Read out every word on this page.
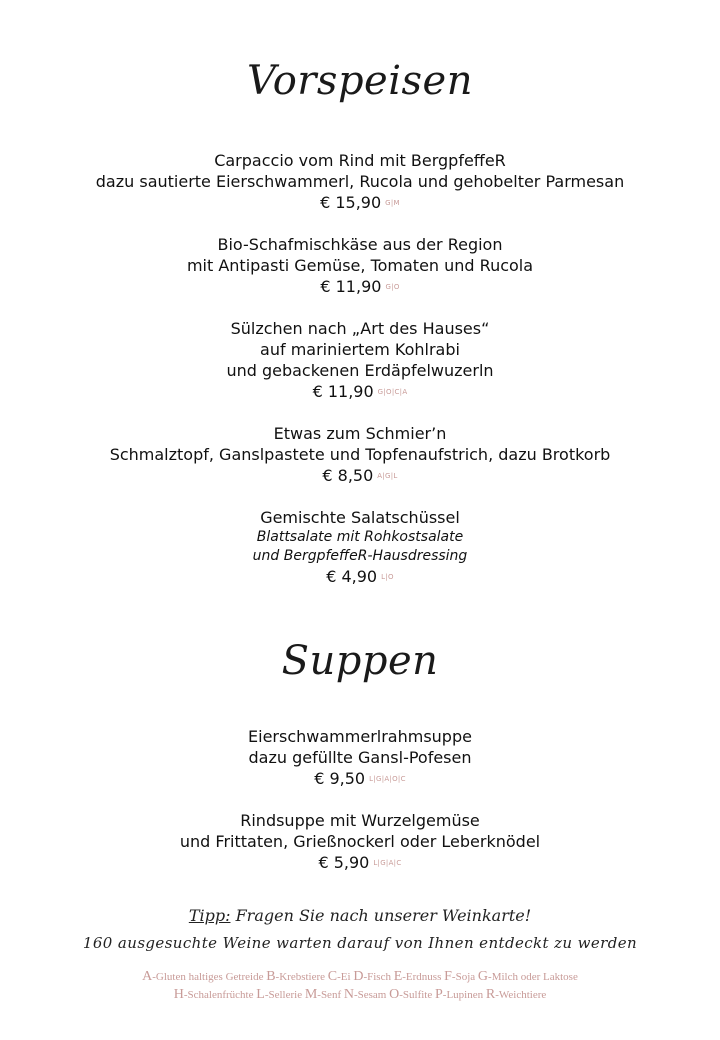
Vorspeisen
Carpaccio vom Rind mit BergpfeffeR
dazu sautierte Eierschwammerl, Rucola und gehobelter Parmesan
€ 15,90 G|M
Bio-Schafmischkäse aus der Region
mit Antipasti Gemüse, Tomaten und Rucola
€ 11,90 G|O
Sülzchen nach „Art des Hauses“
auf mariniertem Kohlrabi
und gebackenen Erdäpfelwuzerln
€ 11,90 G|O|C|A
Etwas zum Schmier’n
Schmalztopf, Ganslpastete und Topfenaufstrich, dazu Brotkorb
€ 8,50 A|G|L
Gemischte Salatschüssel
Blattsalate mit Rohkostsalate
und BergpfeffeR-Hausdressing
€ 4,90 L|O
Suppen
Eierschwammerlrahmsuppe
dazu gefüllte Gansl-Pofesen
€ 9,50 L|G|A|O|C
Rindsuppe mit Wurzelgemüse
und Frittaten, Grießnockerl oder Leberknödel
€ 5,90 L|G|A|C
Tipp: Fragen Sie nach unserer Weinkarte!
160 ausgesuchte Weine warten darauf von Ihnen entdeckt zu werden
A-Gluten haltiges Getreide B-Krebstiere C-Ei D-Fisch E-Erdnuss F-Soja G-Milch oder Laktose
H-Schalenfrüchte L-Sellerie M-Senf N-Sesam O-Sulfite P-Lupinen R-Weichtiere
